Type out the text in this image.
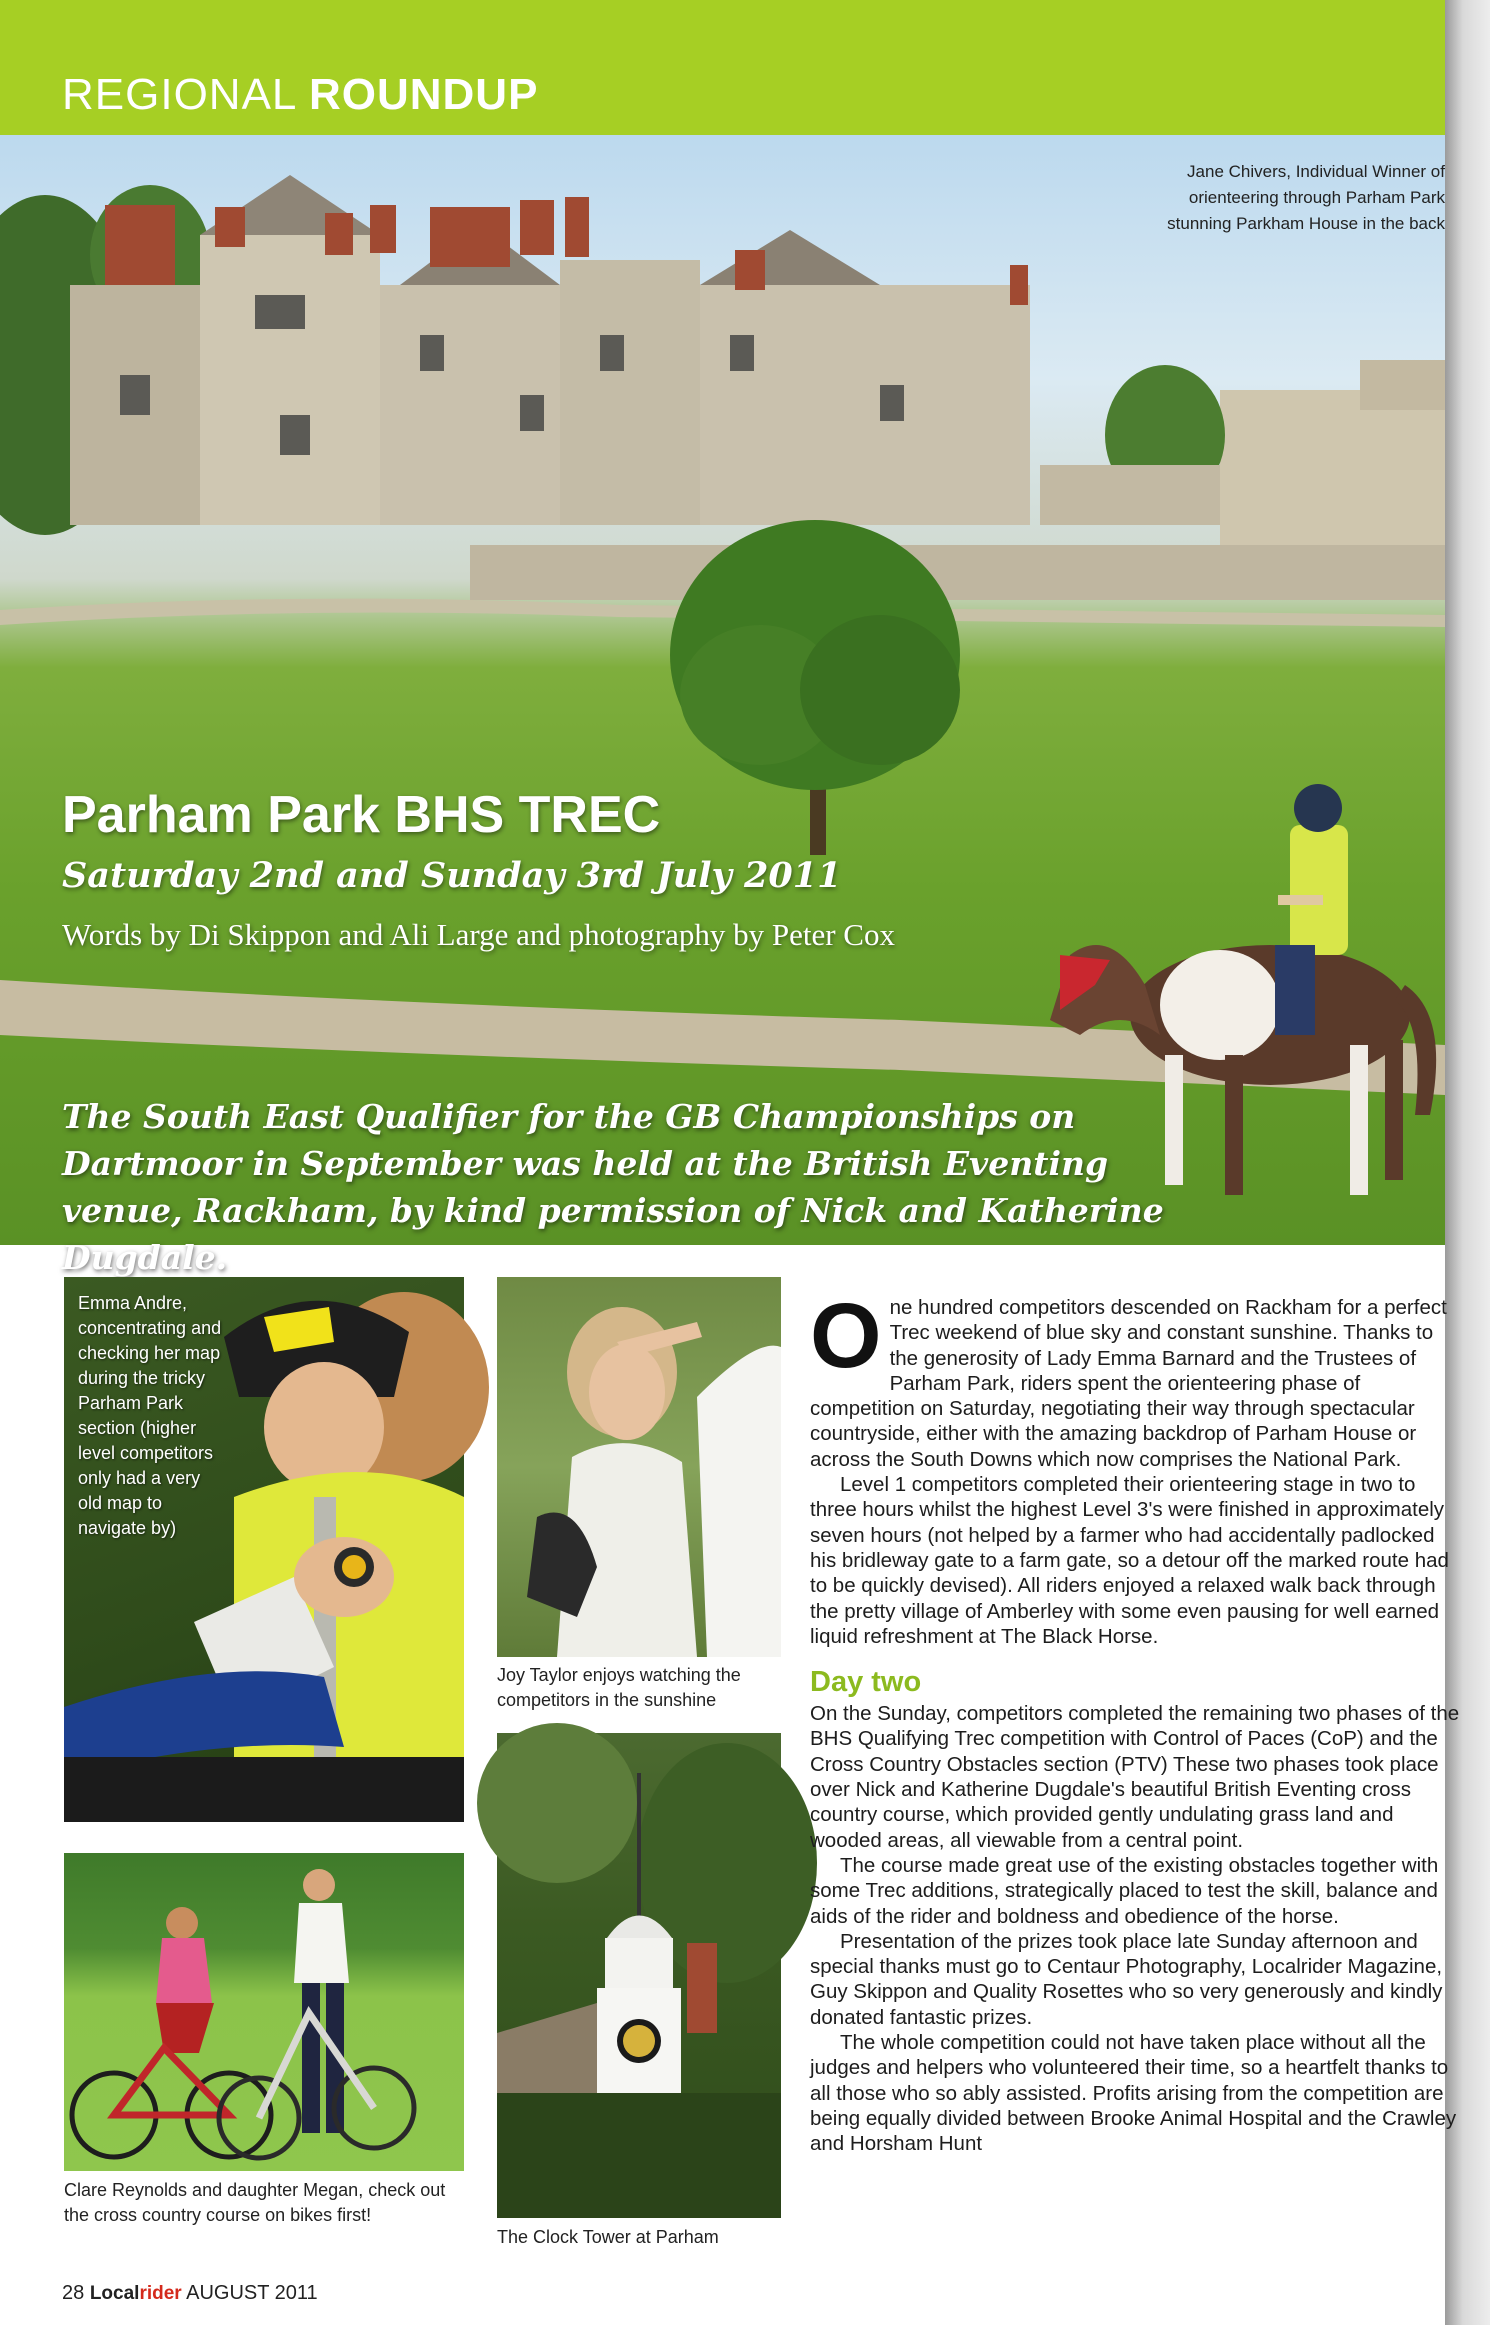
REGIONAL ROUNDUP
Jane Chivers, Individual Winner of
orienteering through Parham Park
stunning Parkham House in the back
Parham Park BHS TREC
Saturday 2nd and Sunday 3rd July 2011
Words by Di Skippon and Ali Large and photography by Peter Cox
The South East Qualifier for the GB Championships on Dartmoor in September was held at the British Eventing venue, Rackham, by kind permission of Nick and Katherine Dugdale.
Emma Andre, concentrating and checking her map during the tricky Parham Park section (higher level competitors only had a very old map to navigate by)
Joy Taylor enjoys watching the competitors in the sunshine
Clare Reynolds and daughter Megan, check out the cross country course on bikes first!
The Clock Tower at Parham

One hundred competitors descended on Rackham for a perfect Trec weekend of blue sky and constant sunshine. Thanks to the generosity of Lady Emma Barnard and the Trustees of Parham Park, riders spent the orienteering phase of competition on Saturday, negotiating their way through spectacular countryside, either with the amazing backdrop of Parham House or across the South Downs which now comprises the National Park.

Level 1 competitors completed their orienteering stage in two to three hours whilst the highest Level 3's were finished in approximately seven hours (not helped by a farmer who had accidentally padlocked his bridleway gate to a farm gate, so a detour off the marked route had to be quickly devised). All riders enjoyed a relaxed walk back through the pretty village of Amberley with some even pausing for well earned liquid refreshment at The Black Horse.

Day two

On the Sunday, competitors completed the remaining two phases of the BHS Qualifying Trec competition with Control of Paces (CoP) and the Cross Country Obstacles section (PTV) These two phases took place over Nick and Katherine Dugdale's beautiful British Eventing cross country course, which provided gently undulating grass land and wooded areas, all viewable from a central point.

The course made great use of the existing obstacles together with some Trec additions, strategically placed to test the skill, balance and aids of the rider and boldness and obedience of the horse.

Presentation of the prizes took place late Sunday afternoon and special thanks must go to Centaur Photography, Localrider Magazine, Guy Skippon and Quality Rosettes who so very generously and kindly donated fantastic prizes.

The whole competition could not have taken place without all the judges and helpers who volunteered their time, so a heartfelt thanks to all those who so ably assisted. Profits arising from the competition are being equally divided between Brooke Animal Hospital and the Crawley and Horsham Hunt

28 Localrider AUGUST 2011
